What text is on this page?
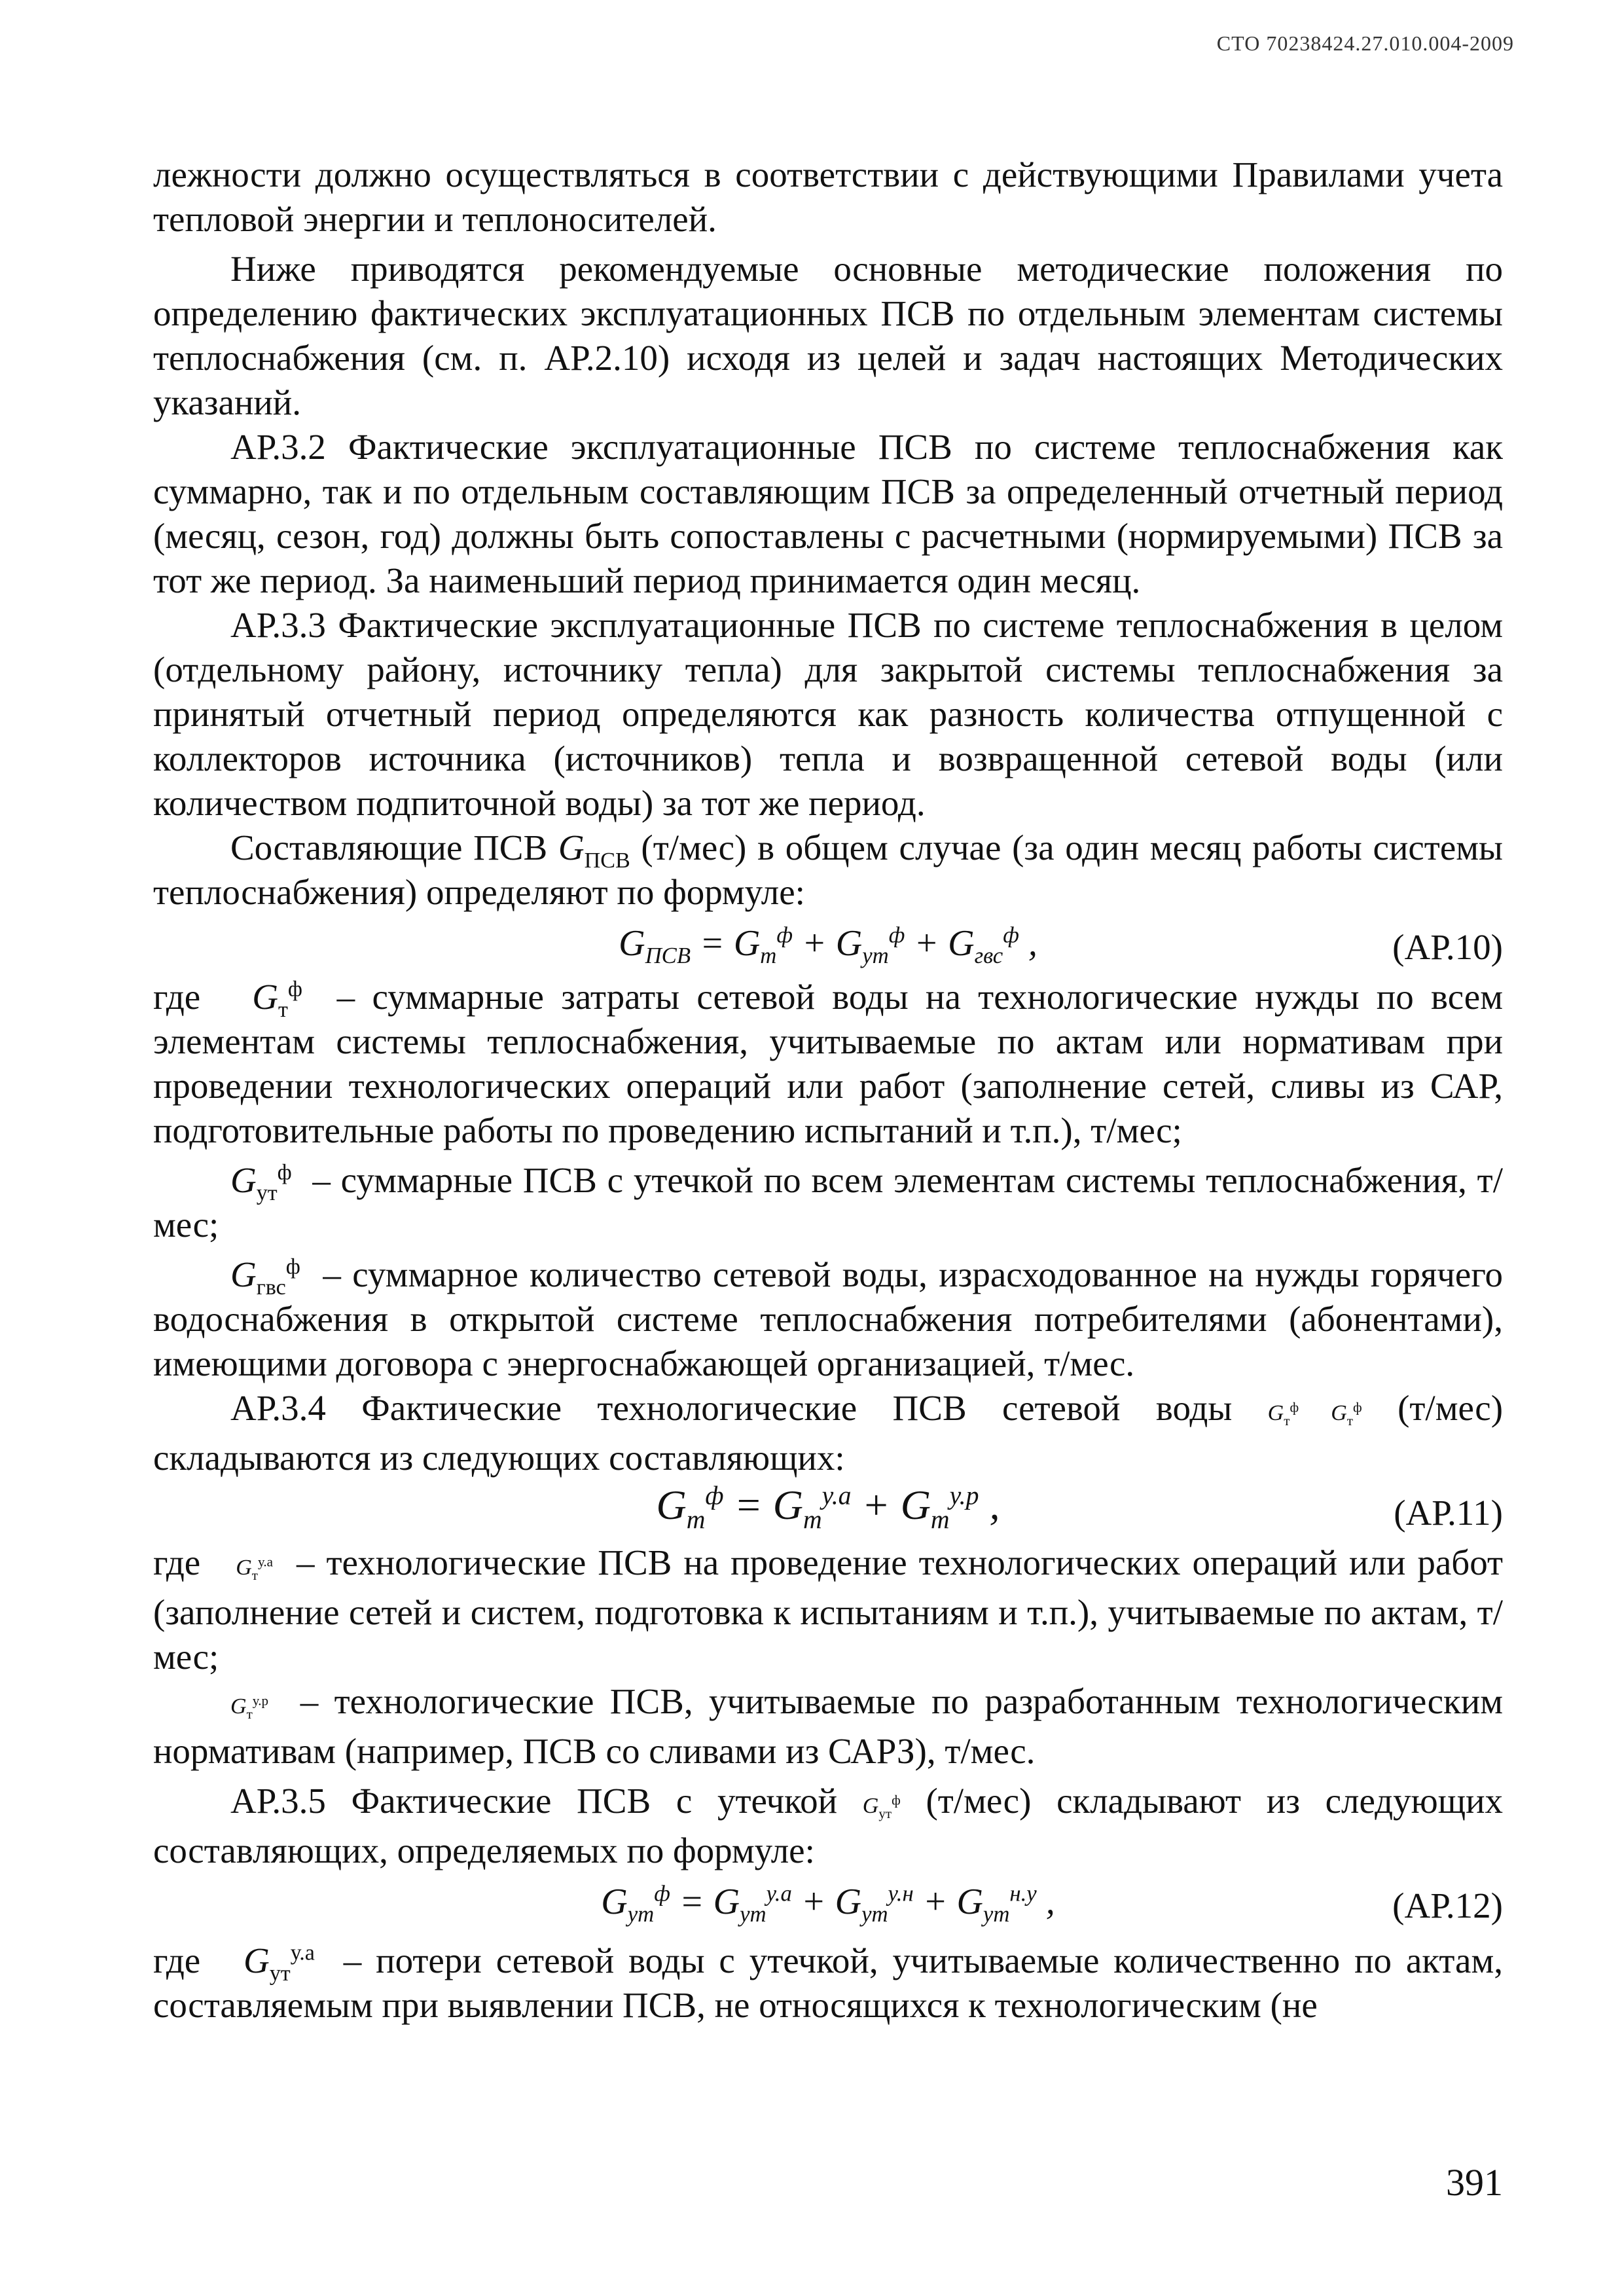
СТО 70238424.27.010.004-2009

лежности должно осуществляться в соответствии с действующими Правилами учета тепловой энергии и теплоносителей.

Ниже приводятся рекомендуемые основные методические положения по определению фактических эксплуатационных ПСВ по отдельным элементам системы теплоснабжения (см. п. АР.2.10) исходя из целей и задач настоящих Методических указаний.

АР.3.2 Фактические эксплуатационные ПСВ по системе теплоснабжения как суммарно, так и по отдельным составляющим ПСВ за определенный отчетный период (месяц, сезон, год) должны быть сопоставлены с расчетными (нормируемыми) ПСВ за тот же период. За наименьший период принимается один месяц.

АР.3.3 Фактические эксплуатационные ПСВ по системе теплоснабжения в целом (отдельному району, источнику тепла) для закрытой системы теплоснабжения за принятый отчетный период определяются как разность количества отпущенной с коллекторов источника (источников) тепла и возвращенной сетевой воды (или количеством подпиточной воды) за тот же период.

Составляющие ПСВ $G_{ПСВ}$ (т/мес) в общем случае (за один месяц работы системы теплоснабжения) определяют по формуле:

$G_{ПСВ} = G_т^ф + G_{ут}^ф + G_{гвс}^ф$ ,	(АР.10)

где $G_т^ф$ – суммарные затраты сетевой воды на технологические нужды по всем элементам системы теплоснабжения, учитываемые по актам или нормативам при проведении технологических операций или работ (заполнение сетей, сливы из САР, подготовительные работы по проведению испытаний и т.п.), т/мес;

$G_{ут}^ф$ – суммарные ПСВ с утечкой по всем элементам системы теплоснабжения, т/мес;

$G_{гвс}^ф$ – суммарное количество сетевой воды, израсходованное на нужды горячего водоснабжения в открытой системе теплоснабжения потребителями (абонентами), имеющими договора с энергоснабжающей организацией, т/мес.

АР.3.4 Фактические технологические ПСВ сетевой воды $G_т^ф$ $G_т^ф$ (т/мес) складываются из следующих составляющих:

$G_т^ф = G_т^{у.а} + G_т^{у.р}$ ,	(АР.11)

где $G_т^{у.а}$ – технологические ПСВ на проведение технологических операций или работ (заполнение сетей и систем, подготовка к испытаниям и т.п.), учитываемые по актам, т/мес;

$G_т^{у.р}$ – технологические ПСВ, учитываемые по разработанным технологическим нормативам (например, ПСВ со сливами из САРЗ), т/мес.

АР.3.5 Фактические ПСВ с утечкой $G_{ут}^ф$ (т/мес) складывают из следующих составляющих, определяемых по формуле:

$G_{ут}^ф = G_{ут}^{у.а} + G_{ут}^{у.н} + G_{ут}^{н.у}$ ,	(АР.12)

где $G_{ут}^{у.а}$ – потери сетевой воды с утечкой, учитываемые количественно по актам, составляемым при выявлении ПСВ, не относящихся к технологическим (не

391
